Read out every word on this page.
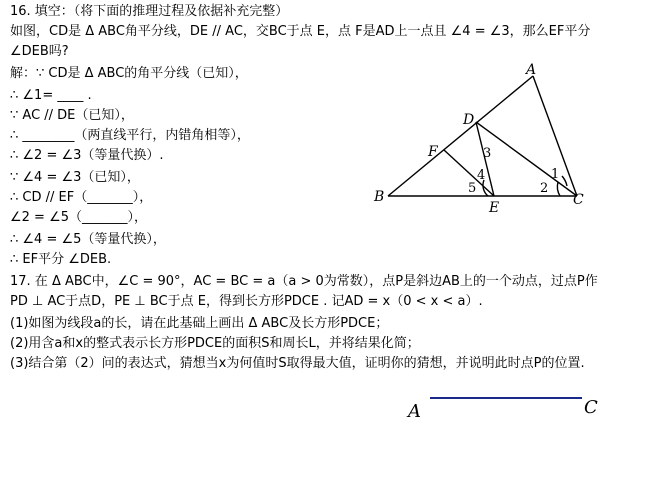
16. 填空：（将下面的推理过程及依据补充完整）
如图，CD是 Δ ABC角平分线，DE // AC，交BC于点 E，点 F是AD上一点且 ∠4 = ∠3，那么EF平分
∠DEB吗?
解：∵ CD是 Δ ABC的角平分线（已知），
∴ ∠1= ____ .
∵ AC // DE（已知），
∴ ________（两直线平行，内错角相等），
∴ ∠2 = ∠3（等量代换）.
∵ ∠4 = ∠3（已知），
∴ CD // EF（_______），
∠2 = ∠5（_______），
∴ ∠4 = ∠5（等量代换），
∴ EF平分 ∠DEB.
17. 在 Δ ABC中，∠C = 90°，AC = BC = a（a > 0为常数），点P是斜边AB上的一个动点，过点P作
PD ⊥ AC于点D，PE ⊥ BC于点 E，得到长方形PDCE . 记AD = x（0 < x < a）.
(1)如图为线段a的长，请在此基础上画出 Δ ABC及长方形PDCE；
(2)用含a和x的整式表示长方形PDCE的面积S和周长L，并将结果化简；
(3)结合第（2）问的表达式，猜想当x为何值时S取得最大值，证明你的猜想，并说明此时点P的位置.
A
B	C
D
E
F	3
4
5
1
2
A	C
